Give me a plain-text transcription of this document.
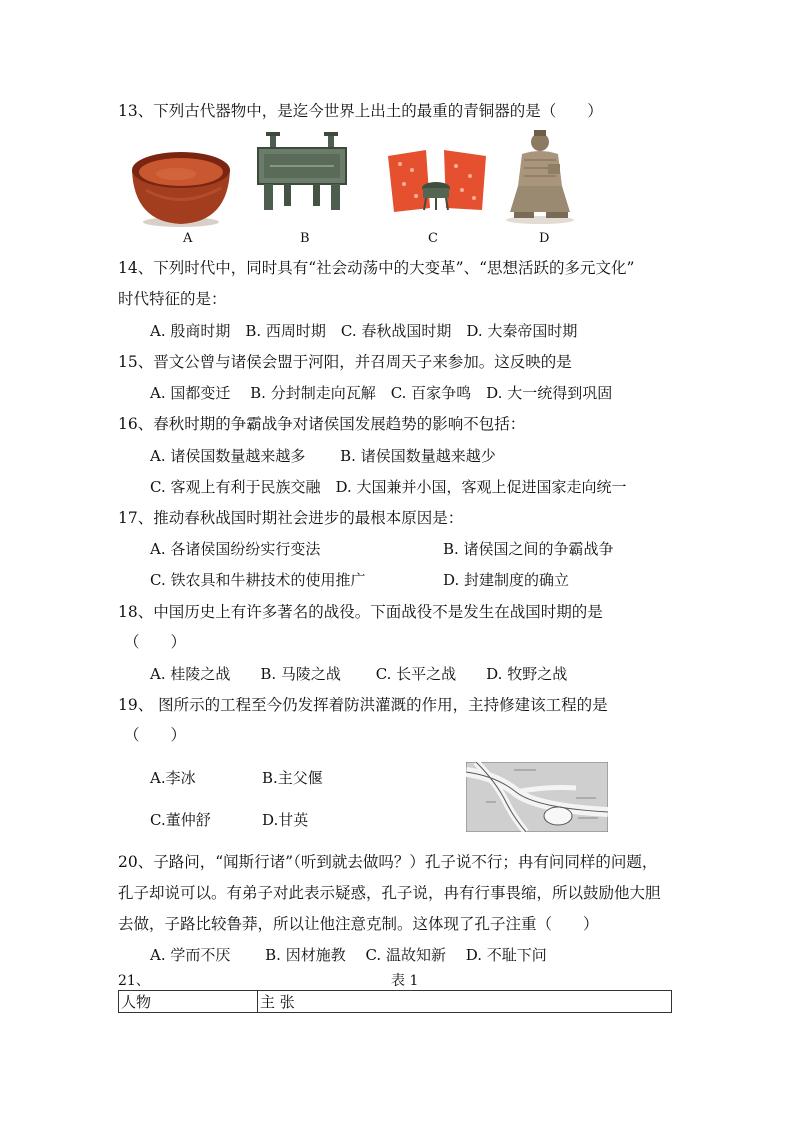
13、下列古代器物中，是迄今世界上出土的最重的青铜器的是（　　）
A	B	C	D
14、下列时代中，同时具有“社会动荡中的大变革”、“思想活跃的多元文化”
时代特征的是：
A. 殷商时期　B. 西周时期　C. 春秋战国时期　D. 大秦帝国时期
15、晋文公曾与诸侯会盟于河阳，并召周天子来参加。这反映的是
A. 国都变迁　 B. 分封制走向瓦解　C. 百家争鸣　D. 大一统得到巩固
16、春秋时期的争霸战争对诸侯国发展趋势的影响不包括：
A. 诸侯国数量越来越多　　 B. 诸侯国数量越来越少
C. 客观上有利于民族交融　D. 大国兼并小国，客观上促进国家走向统一
17、推动春秋战国时期社会进步的最根本原因是：
A. 各诸侯国纷纷实行变法	B. 诸侯国之间的争霸战争
C. 铁农具和牛耕技术的使用推广	D. 封建制度的确立
18、中国历史上有许多著名的战役。下面战役不是发生在战国时期的是
（　　）
A. 桂陵之战　　B. 马陵之战　　 C. 长平之战　　D. 牧野之战
19、 图所示的工程至今仍发挥着防洪灌溉的作用，主持修建该工程的是
（　　）
A.李冰	B.主父偃
C.董仲舒	D.甘英
20、子路问，“闻斯行诸”（听到就去做吗？）孔子说不行；冉有问同样的问题，
孔子却说可以。有弟子对此表示疑惑，孔子说，冉有行事畏缩，所以鼓励他大胆
去做，子路比较鲁莽，所以让他注意克制。这体现了孔子注重（　　）
A. 学而不厌　　 B. 因材施教　 C. 温故知新　 D. 不耻下问
21、	表 1
人物	主 张
